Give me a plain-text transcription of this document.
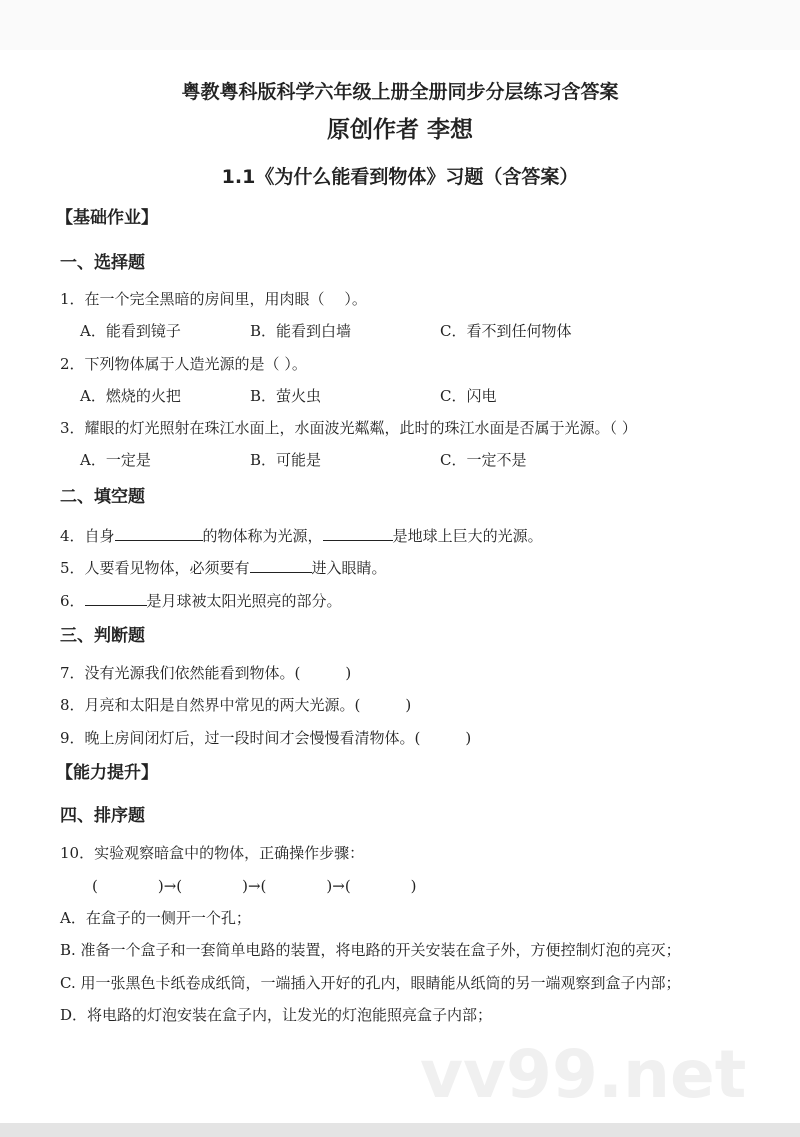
vv99.net
粤教粤科版科学六年级上册全册同步分层练习含答案
原创作者 李想
1.1《为什么能看到物体》习题（含答案）
【基础作业】
一、选择题
1．在一个完全黑暗的房间里，用肉眼（　 ）。
A．能看到镜子	B．能看到白墙	C．看不到任何物体
2．下列物体属于人造光源的是（ ）。
A．燃烧的火把	B．萤火虫	C．闪电
3．耀眼的灯光照射在珠江水面上，水面波光粼粼，此时的珠江水面是否属于光源。（ ）
A．一定是	B．可能是	C．一定不是
二、填空题
4．自身	的物体称为光源，	是地球上巨大的光源。
5．人要看见物体，必须要有	进入眼睛。
6．	是月球被太阳光照亮的部分。
三、判断题
7．没有光源我们依然能看到物体。(　　　)
8．月亮和太阳是自然界中常见的两大光源。(　　　)
9．晚上房间闭灯后，过一段时间才会慢慢看清物体。(　　　)
【能力提升】
四、排序题
10．实验观察暗盒中的物体，正确操作步骤：
(　　　　)→(　　　　)→(　　　　)→(　　　　)
A．在盒子的一侧开一个孔；
B. 准备一个盒子和一套简单电路的装置，将电路的开关安装在盒子外，方便控制灯泡的亮灭；
C. 用一张黑色卡纸卷成纸筒，一端插入开好的孔内，眼睛能从纸筒的另一端观察到盒子内部；
D．将电路的灯泡安装在盒子内，让发光的灯泡能照亮盒子内部；
